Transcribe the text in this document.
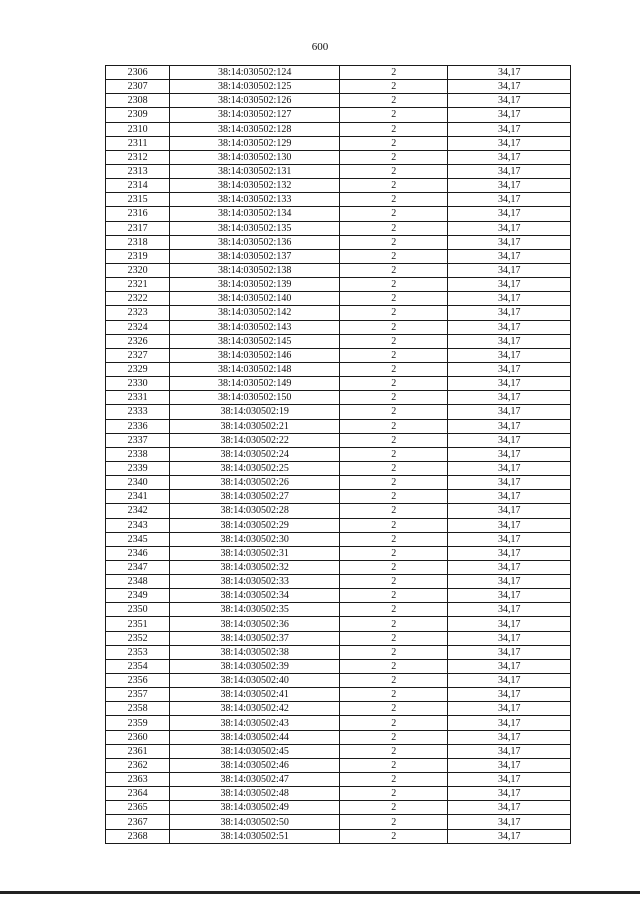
600
2306	38:14:030502:124	2	34,17
2307	38:14:030502:125	2	34,17
2308	38:14:030502:126	2	34,17
2309	38:14:030502:127	2	34,17
2310	38:14:030502:128	2	34,17
2311	38:14:030502:129	2	34,17
2312	38:14:030502:130	2	34,17
2313	38:14:030502:131	2	34,17
2314	38:14:030502:132	2	34,17
2315	38:14:030502:133	2	34,17
2316	38:14:030502:134	2	34,17
2317	38:14:030502:135	2	34,17
2318	38:14:030502:136	2	34,17
2319	38:14:030502:137	2	34,17
2320	38:14:030502:138	2	34,17
2321	38:14:030502:139	2	34,17
2322	38:14:030502:140	2	34,17
2323	38:14:030502:142	2	34,17
2324	38:14:030502:143	2	34,17
2326	38:14:030502:145	2	34,17
2327	38:14:030502:146	2	34,17
2329	38:14:030502:148	2	34,17
2330	38:14:030502:149	2	34,17
2331	38:14:030502:150	2	34,17
2333	38:14:030502:19	2	34,17
2336	38:14:030502:21	2	34,17
2337	38:14:030502:22	2	34,17
2338	38:14:030502:24	2	34,17
2339	38:14:030502:25	2	34,17
2340	38:14:030502:26	2	34,17
2341	38:14:030502:27	2	34,17
2342	38:14:030502:28	2	34,17
2343	38:14:030502:29	2	34,17
2345	38:14:030502:30	2	34,17
2346	38:14:030502:31	2	34,17
2347	38:14:030502:32	2	34,17
2348	38:14:030502:33	2	34,17
2349	38:14:030502:34	2	34,17
2350	38:14:030502:35	2	34,17
2351	38:14:030502:36	2	34,17
2352	38:14:030502:37	2	34,17
2353	38:14:030502:38	2	34,17
2354	38:14:030502:39	2	34,17
2356	38:14:030502:40	2	34,17
2357	38:14:030502:41	2	34,17
2358	38:14:030502:42	2	34,17
2359	38:14:030502:43	2	34,17
2360	38:14:030502:44	2	34,17
2361	38:14:030502:45	2	34,17
2362	38:14:030502:46	2	34,17
2363	38:14:030502:47	2	34,17
2364	38:14:030502:48	2	34,17
2365	38:14:030502:49	2	34,17
2367	38:14:030502:50	2	34,17
2368	38:14:030502:51	2	34,17
